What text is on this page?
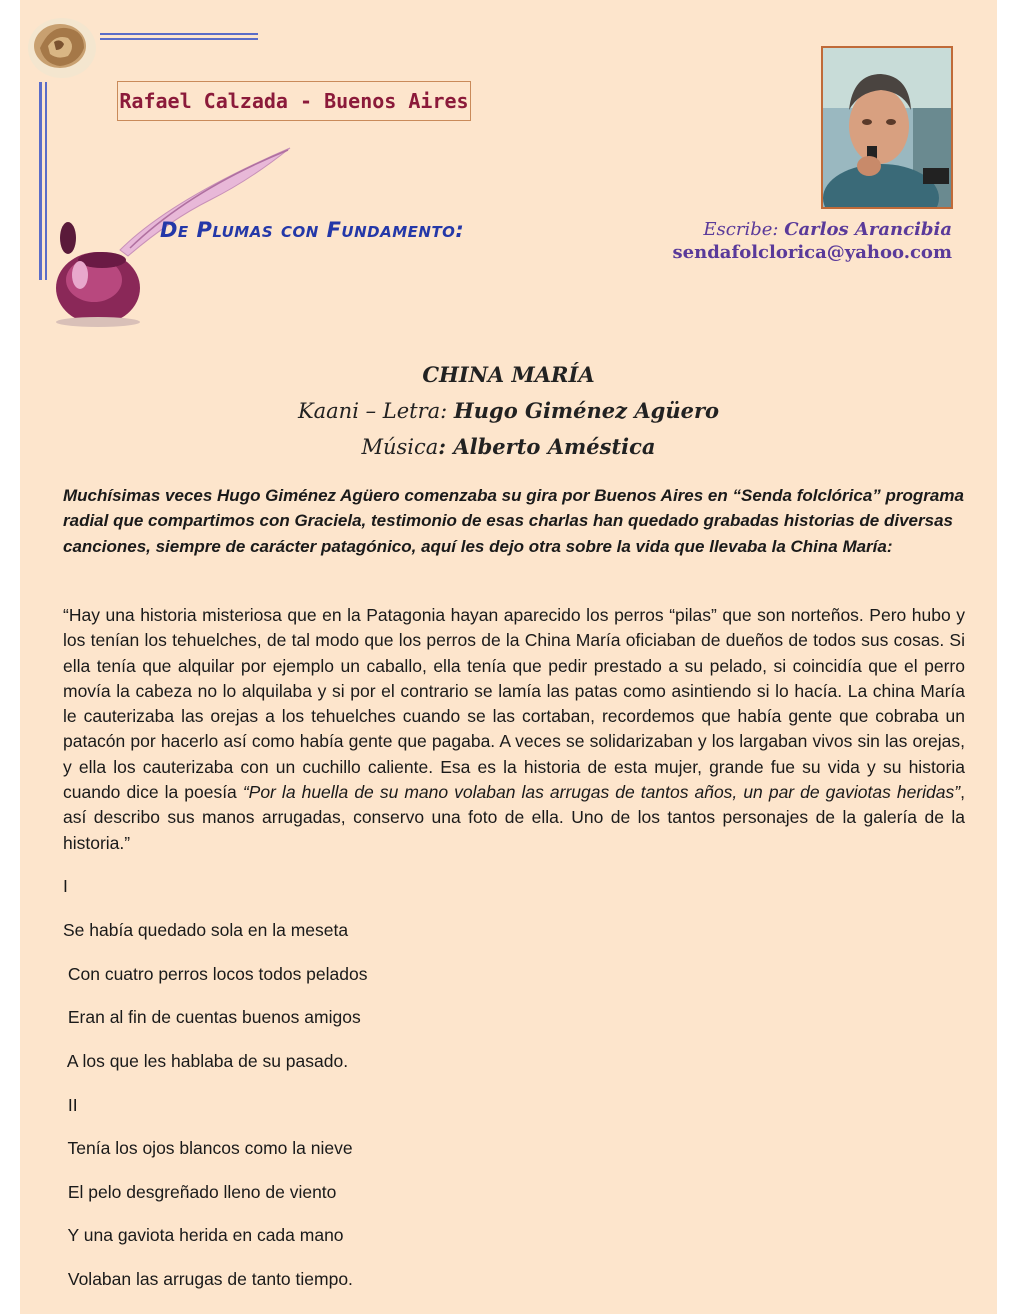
Rafael Calzada - Buenos Aires
De Plumas con Fundamento:	Escribe: Carlos Arancibia
sendafolclorica@yahoo.com
CHINA MARÍA
Kaani – Letra: Hugo Giménez Agüero
Música: Alberto Améstica
Muchísimas veces Hugo Giménez Agüero comenzaba su gira por Buenos Aires en “Senda folclórica” programa radial que compartimos con Graciela, testimonio de esas charlas han quedado grabadas historias de diversas canciones, siempre de carácter patagónico, aquí les dejo otra sobre la vida que llevaba la China María:
“Hay una historia misteriosa que en la Patagonia hayan aparecido los perros “pilas” que son norteños. Pero hubo y los tenían los tehuelches, de tal modo que los perros de la China María oficiaban de dueños de todos sus cosas. Si ella tenía que alquilar por ejemplo un caballo, ella tenía que pedir prestado a su pelado, si coincidía que el perro movía la cabeza no lo alquilaba y si por el contrario se lamía las patas como asintiendo si lo hacía. La china María le cauterizaba las orejas a los tehuelches cuando se las cortaban, recordemos que había gente que cobraba un patacón por hacerlo así como había gente que pagaba. A veces se solidarizaban y los largaban vivos sin las orejas, y ella los cauterizaba con un cuchillo caliente. Esa es la historia de esta mujer, grande fue su vida y su historia cuando dice la poesía “Por la huella de su mano volaban las arrugas de tantos años, un par de gaviotas heridas”, así describo sus manos arrugadas, conservo una foto de ella. Uno de los tantos personajes de la galería de la historia.”
I
Se había quedado sola en la meseta
Con cuatro perros locos todos pelados
Eran al fin de cuentas buenos amigos
A los que les hablaba de su pasado.
II
Tenía los ojos blancos como la nieve
El pelo desgreñado lleno de viento
Y una gaviota herida en cada mano
Volaban las arrugas de tanto tiempo.
